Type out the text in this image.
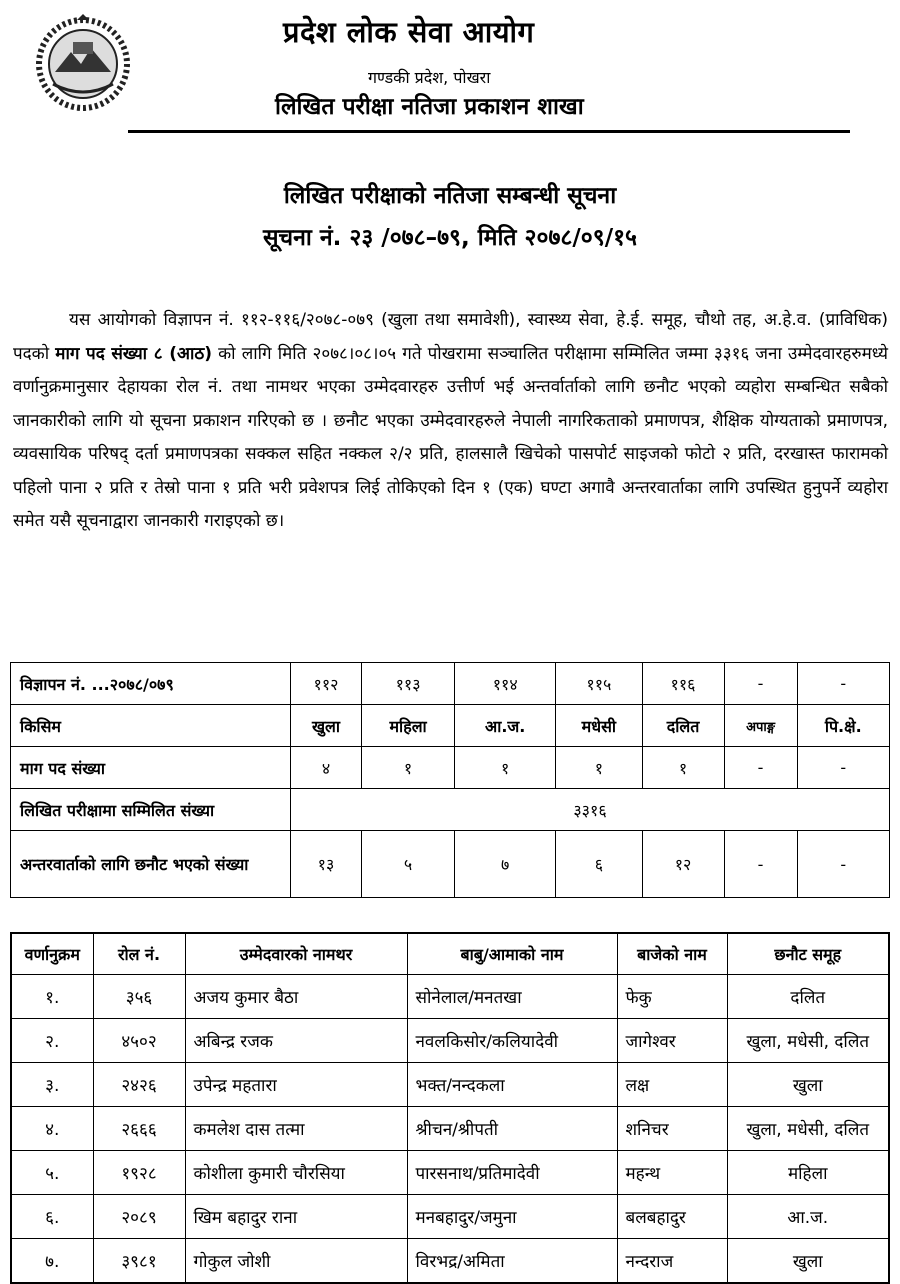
प्रदेश लोक सेवा आयोग
गण्डकी प्रदेश, पोखरा
लिखित परीक्षा नतिजा प्रकाशन शाखा
लिखित परीक्षाको नतिजा सम्बन्धी सूचना
सूचना नं. २३ /०७८–७९, मिति २०७८/०९/१५
यस आयोगको विज्ञापन नं. ११२-११६/२०७८-०७९ (खुला तथा समावेशी), स्वास्थ्य सेवा, हे.ई. समूह, चौथो तह, अ.हे.व. (प्राविधिक) पदको माग पद संख्या ८ (आठ) को लागि मिति २०७८।०८।०५ गते पोखरामा सञ्चालित परीक्षामा सम्मिलित जम्मा ३३१६ जना उम्मेदवारहरुमध्ये वर्णानुक्रमानुसार देहायका रोल नं. तथा नामथर भएका उम्मेदवारहरु उत्तीर्ण भई अन्तर्वार्ताको लागि छनौट भएको व्यहोरा सम्बन्धित सबैको जानकारीको लागि यो सूचना प्रकाशन गरिएको छ । छनौट भएका उम्मेदवारहरुले नेपाली नागरिकताको प्रमाणपत्र, शैक्षिक योग्यताको प्रमाणपत्र, व्यवसायिक परिषद् दर्ता प्रमाणपत्रका सक्कल सहित नक्कल २/२ प्रति, हालसालै खिचेको पासपोर्ट साइजको फोटो २ प्रति, दरखास्त फारामको पहिलो पाना २ प्रति र तेस्रो पाना १ प्रति भरी प्रवेशपत्र लिई तोकिएको दिन १ (एक) घण्टा अगावै अन्तरवार्ताका लागि उपस्थित हुनुपर्ने व्यहोरा समेत यसै सूचनाद्वारा जानकारी गराइएको छ।
विज्ञापन नं. ...२०७८/०७९	११२	११३	११४	११५	११६	-	-
किसिम	खुला	महिला	आ.ज.	मधेसी	दलित	अपाङ्ग	पि.क्षे.
माग पद संख्या	४	१	१	१	१	-	-
लिखित परीक्षामा सम्मिलित संख्या	३३१६						
अन्तरवार्ताको लागि छनौट भएको संख्या	१३	५	७	६	१२	-	-
वर्णानुक्रम	रोल नं.	उम्मेदवारको नामथर	बाबु/आमाको नाम	बाजेको नाम	छनौट समूह
१.	३५६	अजय कुमार बैठा	सोनेलाल/मनतखा	फेकु	दलित
२.	४५०२	अबिन्द्र रजक	नवलकिसोर/कलियादेवी	जागेश्वर	खुला, मधेसी, दलित
३.	२४२६	उपेन्द्र महतारा	भक्त/नन्दकला	लक्ष	खुला
४.	२६६६	कमलेश दास तत्मा	श्रीचन/श्रीपती	शनिचर	खुला, मधेसी, दलित
५.	१९२८	कोशीला कुमारी चौरसिया	पारसनाथ/प्रतिमादेवी	महन्थ	महिला
६.	२०८९	खिम बहादुर राना	मनबहादुर/जमुना	बलबहादुर	आ.ज.
७.	३९८१	गोकुल जोशी	विरभद्र/अमिता	नन्दराज	खुला
